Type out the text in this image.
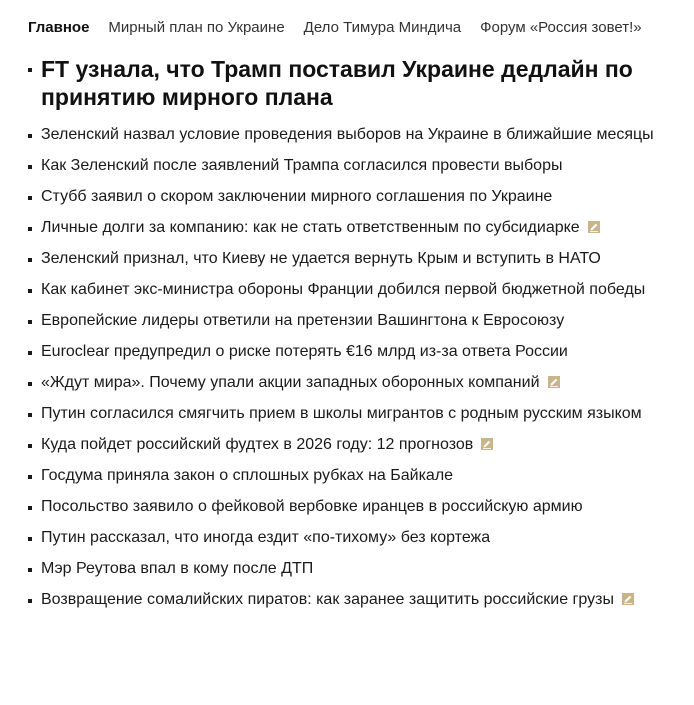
Главное Мирный план по Украине Дело Тимура Миндича Форум «Россия зовет!»
FT узнала, что Трамп поставил Украине дедлайн по принятию мирного плана
Зеленский назвал условие проведения выборов на Украине в ближайшие месяцы
Как Зеленский после заявлений Трампа согласился провести выборы
Стубб заявил о скором заключении мирного соглашения по Украине
Личные долги за компанию: как не стать ответственным по субсидиарке
Зеленский признал, что Киеву не удается вернуть Крым и вступить в НАТО
Как кабинет экс-министра обороны Франции добился первой бюджетной победы
Европейские лидеры ответили на претензии Вашингтона к Евросоюзу
Euroclear предупредил о риске потерять €16 млрд из-за ответа России
«Ждут мира». Почему упали акции западных оборонных компаний
Путин согласился смягчить прием в школы мигрантов с родным русским языком
Куда пойдет российский фудтех в 2026 году: 12 прогнозов
Госдума приняла закон о сплошных рубках на Байкале
Посольство заявило о фейковой вербовке иранцев в российскую армию
Путин рассказал, что иногда ездит «по-тихому» без кортежа
Мэр Реутова впал в кому после ДТП
Возвращение сомалийских пиратов: как заранее защитить российские грузы
